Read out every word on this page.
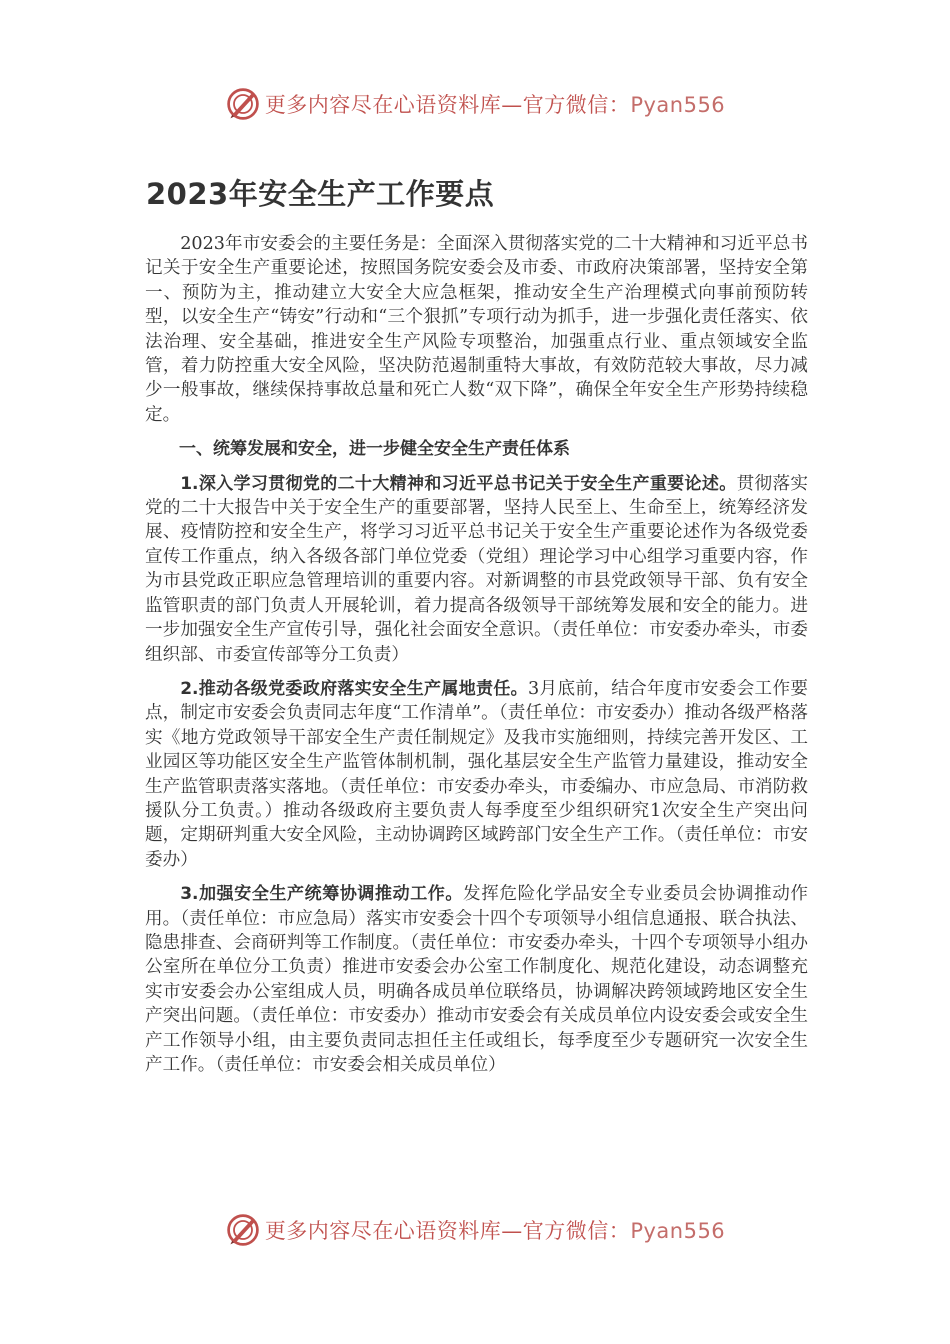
更多内容尽在心语资料库—官方微信：Pyan556
2023年安全生产工作要点

2023年市安委会的主要任务是：全面深入贯彻落实党的二十大精神和习近平总书记关于安全生产重要论述，按照国务院安委会及市委、市政府决策部署，坚持安全第一、预防为主，推动建立大安全大应急框架，推动安全生产治理模式向事前预防转型，以安全生产“铸安”行动和“三个狠抓”专项行动为抓手，进一步强化责任落实、依法治理、安全基础，推进安全生产风险专项整治，加强重点行业、重点领域安全监管，着力防控重大安全风险，坚决防范遏制重特大事故，有效防范较大事故，尽力减少一般事故，继续保持事故总量和死亡人数“双下降”，确保全年安全生产形势持续稳定。

一、统筹发展和安全，进一步健全安全生产责任体系

1.深入学习贯彻党的二十大精神和习近平总书记关于安全生产重要论述。贯彻落实党的二十大报告中关于安全生产的重要部署，坚持人民至上、生命至上，统筹经济发展、疫情防控和安全生产，将学习习近平总书记关于安全生产重要论述作为各级党委宣传工作重点，纳入各级各部门单位党委（党组）理论学习中心组学习重要内容，作为市县党政正职应急管理培训的重要内容。对新调整的市县党政领导干部、负有安全监管职责的部门负责人开展轮训，着力提高各级领导干部统筹发展和安全的能力。进一步加强安全生产宣传引导，强化社会面安全意识。（责任单位：市安委办牵头，市委组织部、市委宣传部等分工负责）

2.推动各级党委政府落实安全生产属地责任。3月底前，结合年度市安委会工作要点，制定市安委会负责同志年度“工作清单”。（责任单位：市安委办）推动各级严格落实《地方党政领导干部安全生产责任制规定》及我市实施细则，持续完善开发区、工业园区等功能区安全生产监管体制机制，强化基层安全生产监管力量建设，推动安全生产监管职责落实落地。（责任单位：市安委办牵头，市委编办、市应急局、市消防救援队分工负责。）推动各级政府主要负责人每季度至少组织研究1次安全生产突出问题，定期研判重大安全风险，主动协调跨区域跨部门安全生产工作。（责任单位：市安委办）

3.加强安全生产统筹协调推动工作。发挥危险化学品安全专业委员会协调推动作用。（责任单位：市应急局）落实市安委会十四个专项领导小组信息通报、联合执法、隐患排查、会商研判等工作制度。（责任单位：市安委办牵头，十四个专项领导小组办公室所在单位分工负责）推进市安委会办公室工作制度化、规范化建设，动态调整充实市安委会办公室组成人员，明确各成员单位联络员，协调解决跨领域跨地区安全生产突出问题。（责任单位：市安委办）推动市安委会有关成员单位内设安委会或安全生产工作领导小组，由主要负责同志担任主任或组长，每季度至少专题研究一次安全生产工作。（责任单位：市安委会相关成员单位）

更多内容尽在心语资料库—官方微信：Pyan556
